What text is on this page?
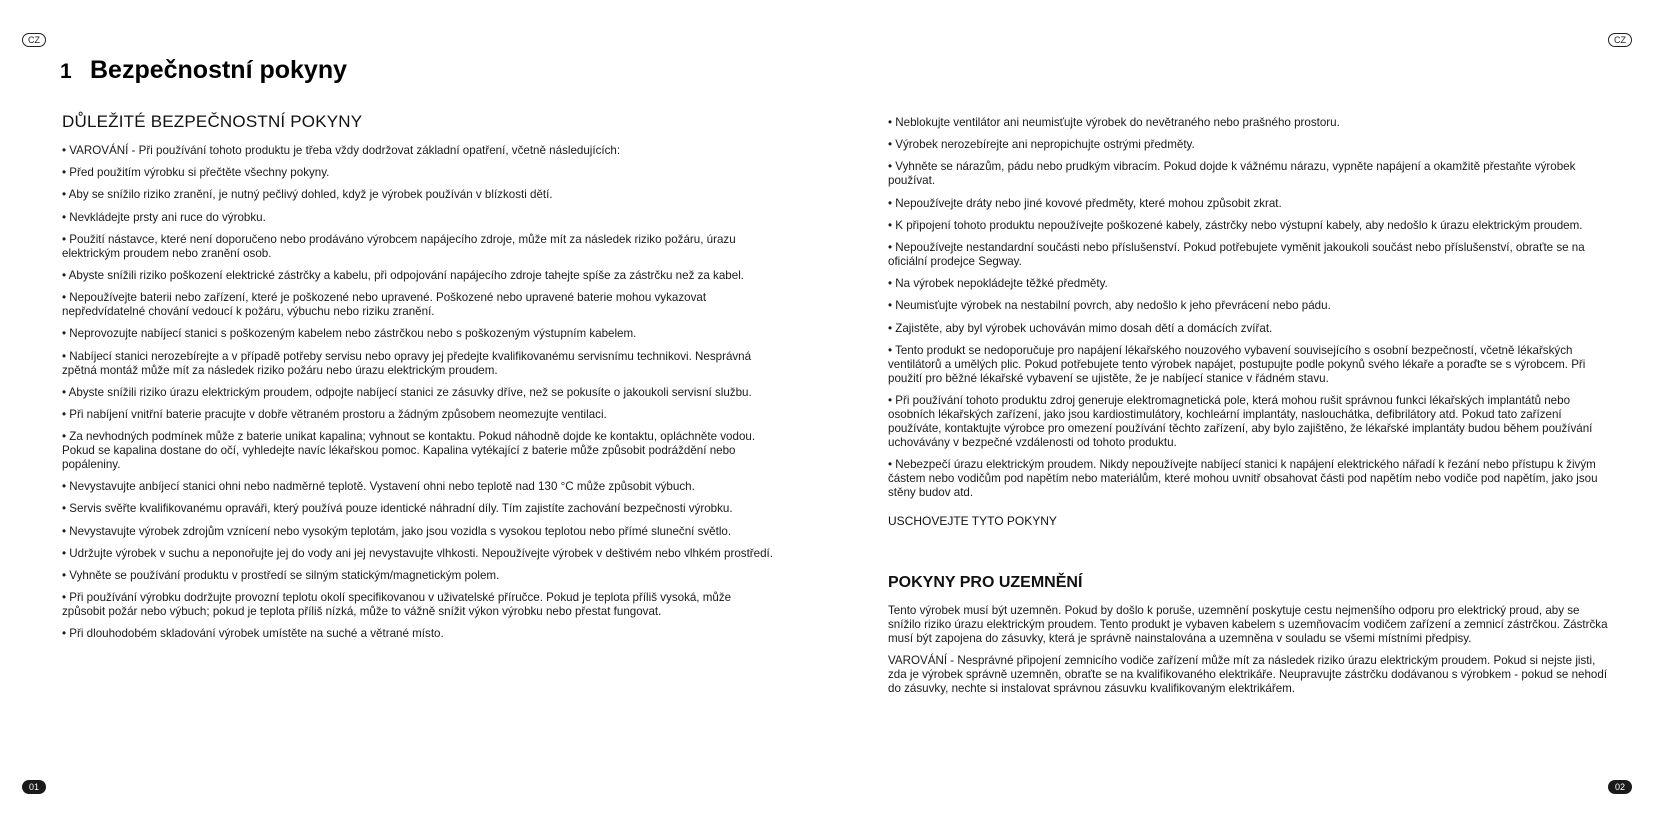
CZ	CZ
1 Bezpečnostní pokyny
DŮLEŽITÉ BEZPEČNOSTNÍ POKYNY
• VAROVÁNÍ - Při používání tohoto produktu je třeba vždy dodržovat základní opatření, včetně následujících:
• Před použitím výrobku si přečtěte všechny pokyny.
• Aby se snížilo riziko zranění, je nutný pečlivý dohled, když je výrobek používán v blízkosti dětí.
• Nevkládejte prsty ani ruce do výrobku.
• Použití nástavce, které není doporučeno nebo prodáváno výrobcem napájecího zdroje, může mít za následek riziko požáru, úrazu elektrickým proudem nebo zranění osob.
• Abyste snížili riziko poškození elektrické zástrčky a kabelu, při odpojování napájecího zdroje tahejte spíše za zástrčku než za kabel.
• Nepoužívejte baterii nebo zařízení, které je poškozené nebo upravené. Poškozené nebo upravené baterie mohou vykazovat nepředvídatelné chování vedoucí k požáru, výbuchu nebo riziku zranění.
• Neprovozujte nabíjecí stanici s poškozeným kabelem nebo zástrčkou nebo s poškozeným výstupním kabelem.
• Nabíjecí stanici nerozebírejte a v případě potřeby servisu nebo opravy jej předejte kvalifikovanému servisnímu technikovi. Nesprávná zpětná montáž může mít za následek riziko požáru nebo úrazu elektrickým proudem.
• Abyste snížili riziko úrazu elektrickým proudem, odpojte nabíjecí stanici ze zásuvky dříve, než se pokusíte o jakoukoli servisní službu.
• Při nabíjení vnitřní baterie pracujte v dobře větraném prostoru a žádným způsobem neomezujte ventilaci.
• Za nevhodných podmínek může z baterie unikat kapalina; vyhnout se kontaktu. Pokud náhodně dojde ke kontaktu, opláchněte vodou. Pokud se kapalina dostane do očí, vyhledejte navíc lékařskou pomoc. Kapalina vytékající z baterie může způsobit podráždění nebo popáleniny.
• Nevystavujte anbíjecí stanici ohni nebo nadměrné teplotě. Vystavení ohni nebo teplotě nad 130 °C může způsobit výbuch.
• Servis svěřte kvalifikovanému opraváři, který používá pouze identické náhradní díly. Tím zajistíte zachování bezpečnosti výrobku.
• Nevystavujte výrobek zdrojům vznícení nebo vysokým teplotám, jako jsou vozidla s vysokou teplotou nebo přímé sluneční světlo.
• Udržujte výrobek v suchu a neponořujte jej do vody ani jej nevystavujte vlhkosti. Nepoužívejte výrobek v deštivém nebo vlhkém prostředí.
• Vyhněte se používání produktu v prostředí se silným statickým/magnetickým polem.
• Při používání výrobku dodržujte provozní teplotu okolí specifikovanou v uživatelské příručce. Pokud je teplota příliš vysoká, může způsobit požár nebo výbuch; pokud je teplota příliš nízká, může to vážně snížit výkon výrobku nebo přestat fungovat.
• Při dlouhodobém skladování výrobek umístěte na suché a větrané místo.
• Neblokujte ventilátor ani neumisťujte výrobek do nevětraného nebo prašného prostoru.
• Výrobek nerozebírejte ani nepropichujte ostrými předměty.
• Vyhněte se nárazům, pádu nebo prudkým vibracím. Pokud dojde k vážnému nárazu, vypněte napájení a okamžitě přestaňte výrobek používat.
• Nepoužívejte dráty nebo jiné kovové předměty, které mohou způsobit zkrat.
• K připojení tohoto produktu nepoužívejte poškozené kabely, zástrčky nebo výstupní kabely, aby nedošlo k úrazu elektrickým proudem.
• Nepoužívejte nestandardní součásti nebo příslušenství. Pokud potřebujete vyměnit jakoukoli součást nebo příslušenství, obraťte se na oficiální prodejce Segway.
• Na výrobek nepokládejte těžké předměty.
• Neumisťujte výrobek na nestabilní povrch, aby nedošlo k jeho převrácení nebo pádu.
• Zajistěte, aby byl výrobek uchováván mimo dosah dětí a domácích zvířat.
• Tento produkt se nedoporučuje pro napájení lékařského nouzového vybavení souvisejícího s osobní bezpečností, včetně lékařských ventilátorů a umělých plic. Pokud potřebujete tento výrobek napájet, postupujte podle pokynů svého lékaře a poraďte se s výrobcem. Při použití pro běžné lékařské vybavení se ujistěte, že je nabíjecí stanice v řádném stavu.
• Při používání tohoto produktu zdroj generuje elektromagnetická pole, která mohou rušit správnou funkci lékařských implantátů nebo osobních lékařských zařízení, jako jsou kardiostimulátory, kochleární implantáty, naslouchátka, defibrilátory atd. Pokud tato zařízení používáte, kontaktujte výrobce pro omezení používání těchto zařízení, aby bylo zajištěno, že lékařské implantáty budou během používání uchovávány v bezpečné vzdálenosti od tohoto produktu.
• Nebezpečí úrazu elektrickým proudem. Nikdy nepoužívejte nabíjecí stanici k napájení elektrického nářadí k řezání nebo přístupu k živým částem nebo vodičům pod napětím nebo materiálům, které mohou uvnitř obsahovat části pod napětím nebo vodiče pod napětím, jako jsou stěny budov atd.

USCHOVEJTE TYTO POKYNY

POKYNY PRO UZEMNĚNÍ

Tento výrobek musí být uzemněn. Pokud by došlo k poruše, uzemnění poskytuje cestu nejmenšího odporu pro elektrický proud, aby se snížilo riziko úrazu elektrickým proudem. Tento produkt je vybaven kabelem s uzemňovacím vodičem zařízení a zemnicí zástrčkou. Zástrčka musí být zapojena do zásuvky, která je správně nainstalována a uzemněna v souladu se všemi místními předpisy.

VAROVÁNÍ - Nesprávné připojení zemnicího vodiče zařízení může mít za následek riziko úrazu elektrickým proudem. Pokud si nejste jisti, zda je výrobek správně uzemněn, obraťte se na kvalifikovaného elektrikáře. Neupravujte zástrčku dodávanou s výrobkem - pokud se nehodí do zásuvky, nechte si instalovat správnou zásuvku kvalifikovaným elektrikářem.

01	02
